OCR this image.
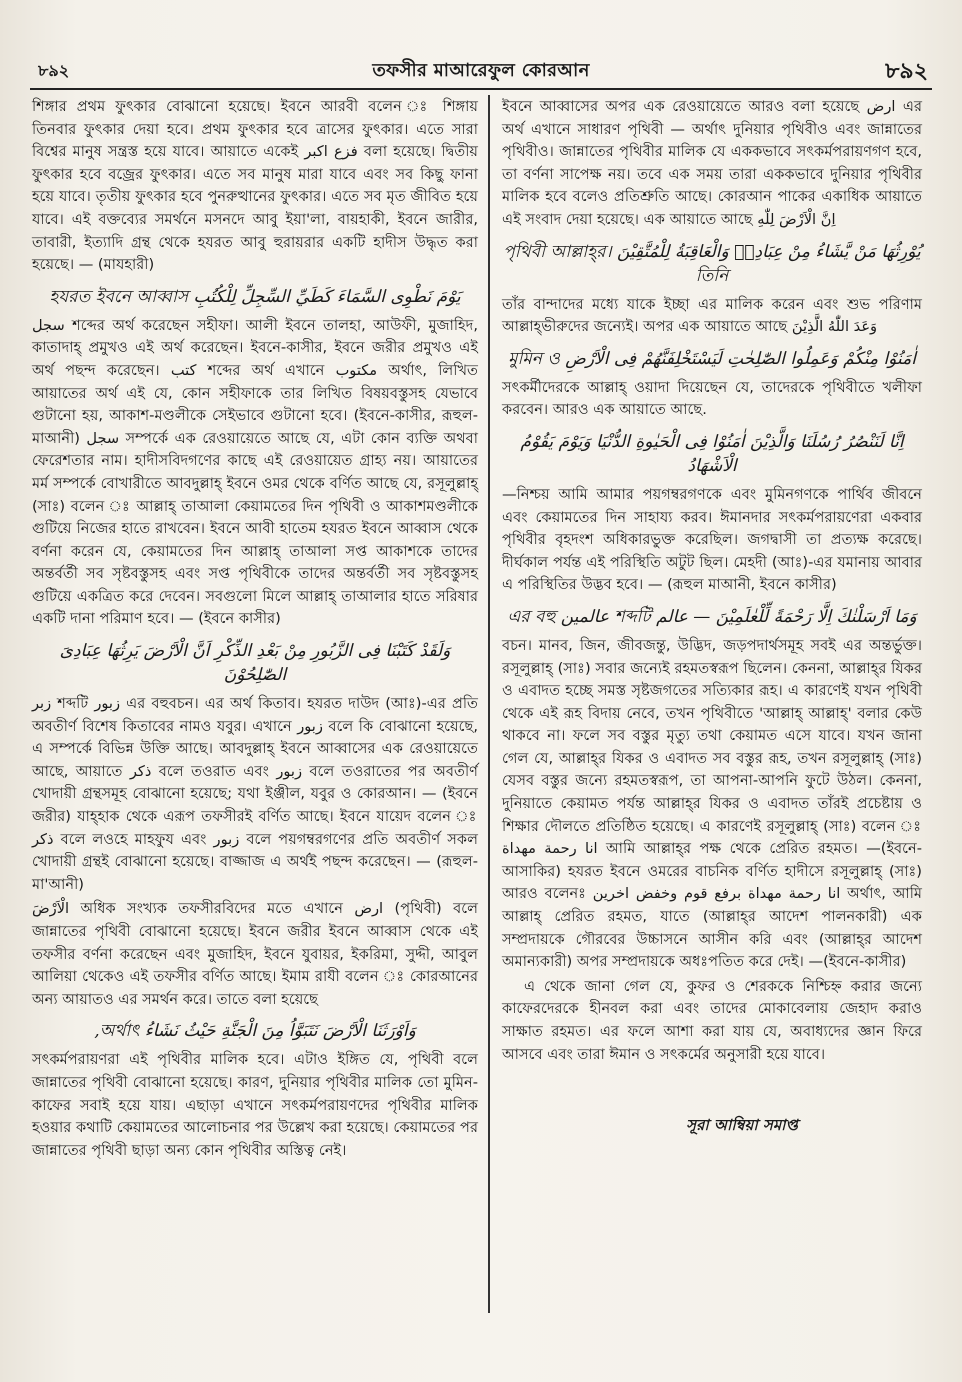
৮৯২	তফসীর মাআরেফুল কোরআন	৮৯২

শিঙ্গার প্রথম ফুৎকার বোঝানো হয়েছে। ইবনে আরবী বলেন ঃ শিঙ্গায় তিনবার ফুৎকার দেয়া হবে। প্রথম ফুৎকার হবে ত্রাসের ফুৎকার। এতে সারা বিশ্বের মানুষ সন্ত্রস্ত হয়ে যাবে। আয়াতে একেই فزع اكبر বলা হয়েছে। দ্বিতীয় ফুৎকার হবে বজ্রের ফুৎকার। এতে সব মানুষ মারা যাবে এবং সব কিছু ফানা হয়ে যাবে। তৃতীয় ফুৎকার হবে পুনরুত্থানের ফুৎকার। এতে সব মৃত জীবিত হয়ে যাবে। এই বক্তব্যের সমর্থনে মসনদে আবু ইয়া'লা, বায়হাকী, ইবনে জারীর, তাবারী, ইত্যাদি গ্রন্থ থেকে হযরত আবু হুরায়রার একটি হাদীস উদ্ধৃত করা হয়েছে। — (মাযহারী)

يَوْمَ نَطْوِى السَّمَاءَ كَطَيِّ السِّجِلِّ لِلْكُتُبِ হযরত ইবনে আব্বাস

سجل শব্দের অর্থ করেছেন সহীফা। আলী ইবনে তালহা, আউফী, মুজাহিদ, কাতাদাহ্ প্রমুখও এই অর্থ করেছেন। ইবনে-কাসীর, ইবনে জরীর প্রমুখও এই অর্থ পছন্দ করেছেন। كتب শব্দের অর্থ এখানে مكتوب অর্থাৎ, লিখিত আয়াতের অর্থ এই যে, কোন সহীফাকে তার লিখিত বিষয়বস্তুসহ যেভাবে গুটানো হয়, আকাশ-মণ্ডলীকে সেইভাবে গুটানো হবে। (ইবনে-কাসীর, রূহুল-মাআনী) سجل সম্পর্কে এক রেওয়ায়েতে আছে যে, এটা কোন ব্যক্তি অথবা ফেরেশতার নাম। হাদীসবিদগণের কাছে এই রেওয়ায়েত গ্রাহ্য নয়। আয়াতের মর্ম সম্পর্কে বোখারীতে আবদুল্লাহ্ ইবনে ওমর থেকে বর্ণিত আছে যে, রসূলুল্লাহ্ (সাঃ) বলেন ঃ আল্লাহ্ তাআলা কেয়ামতের দিন পৃথিবী ও আকাশমণ্ডলীকে গুটিয়ে নিজের হাতে রাখবেন। ইবনে আবী হাতেম হযরত ইবনে আব্বাস থেকে বর্ণনা করেন যে, কেয়ামতের দিন আল্লাহ্ তাআলা সপ্ত আকাশকে তাদের অন্তর্বর্তী সব সৃষ্টবস্তুসহ এবং সপ্ত পৃথিবীকে তাদের অন্তর্বর্তী সব সৃষ্টবস্তুসহ গুটিয়ে একত্রিত করে দেবেন। সবগুলো মিলে আল্লাহ্ তাআলার হাতে সরিষার একটি দানা পরিমাণ হবে। — (ইবনে কাসীর)

وَلَقَدْ كَتَبْنَا فِى الزَّبُورِ مِنْ بَعْدِ الذِّكْرِ اَنَّ الْاَرْضَ يَرِثُهَا عِبَادِىَ الصّٰلِحُوْنَ

زبر শব্দটি زبور এর বহুবচন। এর অর্থ কিতাব। হযরত দাউদ (আঃ)-এর প্রতি অবতীর্ণ বিশেষ কিতাবের নামও যবুর। এখানে زبور বলে কি বোঝানো হয়েছে, এ সম্পর্কে বিভিন্ন উক্তি আছে। আবদুল্লাহ্ ইবনে আব্বাসের এক রেওয়ায়েতে আছে, আয়াতে ذكر বলে তওরাত এবং زبور বলে তওরাতের পর অবতীর্ণ খোদায়ী গ্রন্থসমূহ বোঝানো হয়েছে; যথা ইঞ্জীল, যবুর ও কোরআন। — (ইবনে জরীর) যাহ্‌হাক থেকে এরূপ তফসীরই বর্ণিত আছে। ইবনে যায়েদ বলেন ঃ ذكر বলে লওহে মাহফুয এবং زبور বলে পয়গম্বরগণের প্রতি অবতীর্ণ সকল খোদায়ী গ্রন্থই বোঝানো হয়েছে। বাজ্জাজ এ অর্থই পছন্দ করেছেন। — (রূহুল-মা'আনী)

الْاَرْضَ অধিক সংখ্যক তফসীরবিদের মতে এখানে ارض (পৃথিবী) বলে জান্নাতের পৃথিবী বোঝানো হয়েছে। ইবনে জরীর ইবনে আব্বাস থেকে এই তফসীর বর্ণনা করেছেন এবং মুজাহিদ, ইবনে যুবায়র, ইকরিমা, সুদ্দী, আবুল আলিয়া থেকেও এই তফসীর বর্ণিত আছে। ইমাম রাযী বলেন ঃ কোরআনের অন্য আয়াতও এর সমর্থন করে। তাতে বলা হয়েছে

وَاَوْرَثَنَا الْاَرْضَ نَتَبَوَّاُ مِنَ الْجَنَّةِ حَيْثُ نَشَاءُ অর্থাৎ,

সৎকর্মপরায়ণরা এই পৃথিবীর মালিক হবে। এটাও ইঙ্গিত যে, পৃথিবী বলে জান্নাতের পৃথিবী বোঝানো হয়েছে। কারণ, দুনিয়ার পৃথিবীর মালিক তো মুমিন-কাফের সবাই হয়ে যায়। এছাড়া এখানে সৎকর্মপরায়ণদের পৃথিবীর মালিক হওয়ার কথাটি কেয়ামতের আলোচনার পর উল্লেখ করা হয়েছে। কেয়ামতের পর জান্নাতের পৃথিবী ছাড়া অন্য কোন পৃথিবীর অস্তিত্ব নেই।

ইবনে আব্বাসের অপর এক রেওয়ায়েতে আরও বলা হয়েছে ارض এর অর্থ এখানে সাধারণ পৃথিবী — অর্থাৎ দুনিয়ার পৃথিবীও এবং জান্নাতের পৃথিবীও। জান্নাতের পৃথিবীর মালিক যে এককভাবে সৎকর্মপরায়ণগণ হবে, তা বর্ণনা সাপেক্ষ নয়। তবে এক সময় তারা এককভাবে দুনিয়ার পৃথিবীর মালিক হবে বলেও প্রতিশ্রুতি আছে। কোরআন পাকের একাধিক আয়াতে এই সংবাদ দেয়া হয়েছে। এক আয়াতে আছে اِنَّ الْاَرْضَ لِلّٰهِ

يُوْرِثُهَا مَنْ يَّشَاءُ مِنْ عِبَادِهٖ وَالْعَاقِبَةُ لِلْمُتَّقِيْنَ পৃথিবী আল্লাহ্‌র। তিনি

তাঁর বান্দাদের মধ্যে যাকে ইচ্ছা এর মালিক করেন এবং শুভ পরিণাম আল্লাহ্‌ভীরুদের জন্যেই। অপর এক আয়াতে আছে وَعَدَ اللّٰهُ الَّذِيْنَ

اٰمَنُوْا مِنْكُمْ وَعَمِلُوا الصّٰلِحٰتِ لَيَسْتَخْلِفَنَّهُمْ فِى الْاَرْضِ মুমিন ও

সৎকর্মীদেরকে আল্লাহ্ ওয়াদা দিয়েছেন যে, তাদেরকে পৃথিবীতে খলীফা করবেন। আরও এক আয়াতে আছে.

اِنَّا لَنَنْصُرُ رُسُلَنَا وَالَّذِيْنَ اٰمَنُوْا فِى الْحَيٰوةِ الدُّنْيَا وَيَوْمَ يَقُوْمُ الْاَشْهَادُ

—নিশ্চয় আমি আমার পয়গম্বরগণকে এবং মুমিনগণকে পার্থিব জীবনে এবং কেয়ামতের দিন সাহায্য করব। ঈমানদার সৎকর্মপরায়ণেরা একবার পৃথিবীর বৃহদংশ অধিকারভুক্ত করেছিল। জগদ্বাসী তা প্রত্যক্ষ করেছে। দীর্ঘকাল পর্যন্ত এই পরিস্থিতি অটুট ছিল। মেহদী (আঃ)-এর যমানায় আবার এ পরিস্থিতির উদ্ভব হবে। — (রূহুল মাআনী, ইবনে কাসীর)

وَمَا اَرْسَلْنٰكَ اِلَّا رَحْمَةً لِّلْعٰلَمِيْنَ — عالم শব্দটি عالمين এর বহু

বচন। মানব, জিন, জীবজন্তু, উদ্ভিদ, জড়পদার্থসমূহ সবই এর অন্তর্ভুক্ত। রসূলুল্লাহ্ (সাঃ) সবার জন্যেই রহমতস্বরূপ ছিলেন। কেননা, আল্লাহ্‌র যিকর ও এবাদত হচ্ছে সমস্ত সৃষ্টজগতের সত্যিকার রূহ। এ কারণেই যখন পৃথিবী থেকে এই রূহ বিদায় নেবে, তখন পৃথিবীতে 'আল্লাহ্ আল্লাহ্' বলার কেউ থাকবে না। ফলে সব বস্তুর মৃত্যু তথা কেয়ামত এসে যাবে। যখন জানা গেল যে, আল্লাহ্‌র যিকর ও এবাদত সব বস্তুর রূহ, তখন রসূলুল্লাহ্ (সাঃ) যেসব বস্তুর জন্যে রহমতস্বরূপ, তা আপনা-আপনি ফুটে উঠল। কেননা, দুনিয়াতে কেয়ামত পর্যন্ত আল্লাহ্‌র যিকর ও এবাদত তাঁরই প্রচেষ্টায় ও শিক্ষার দৌলতে প্রতিষ্ঠিত হয়েছে। এ কারণেই রসূলুল্লাহ্ (সাঃ) বলেন ঃ انا رحمة مهداة আমি আল্লাহ্‌র পক্ষ থেকে প্রেরিত রহমত। —(ইবনে-আসাকির) হযরত ইবনে ওমরের বাচনিক বর্ণিত হাদীসে রসূলুল্লাহ্ (সাঃ) আরও বলেনঃ انا رحمة مهداة برفع قوم وخفض اخرين অর্থাৎ, আমি আল্লাহ্ প্রেরিত রহমত, যাতে (আল্লাহ্‌র আদেশ পালনকারী) এক সম্প্রদায়কে গৌরবের উচ্চাসনে আসীন করি এবং (আল্লাহ্‌র আদেশ অমান্যকারী) অপর সম্প্রদায়কে অধঃপতিত করে দেই। —(ইবনে-কাসীর)

এ থেকে জানা গেল যে, কুফর ও শেরককে নিশ্চিহ্ন করার জন্যে কাফেরদেরকে হীনবল করা এবং তাদের মোকাবেলায় জেহাদ করাও সাক্ষাত রহমত। এর ফলে আশা করা যায় যে, অবাধ্যদের জ্ঞান ফিরে আসবে এবং তারা ঈমান ও সৎকর্মের অনুসারী হয়ে যাবে।

সূরা আম্বিয়া সমাপ্ত
